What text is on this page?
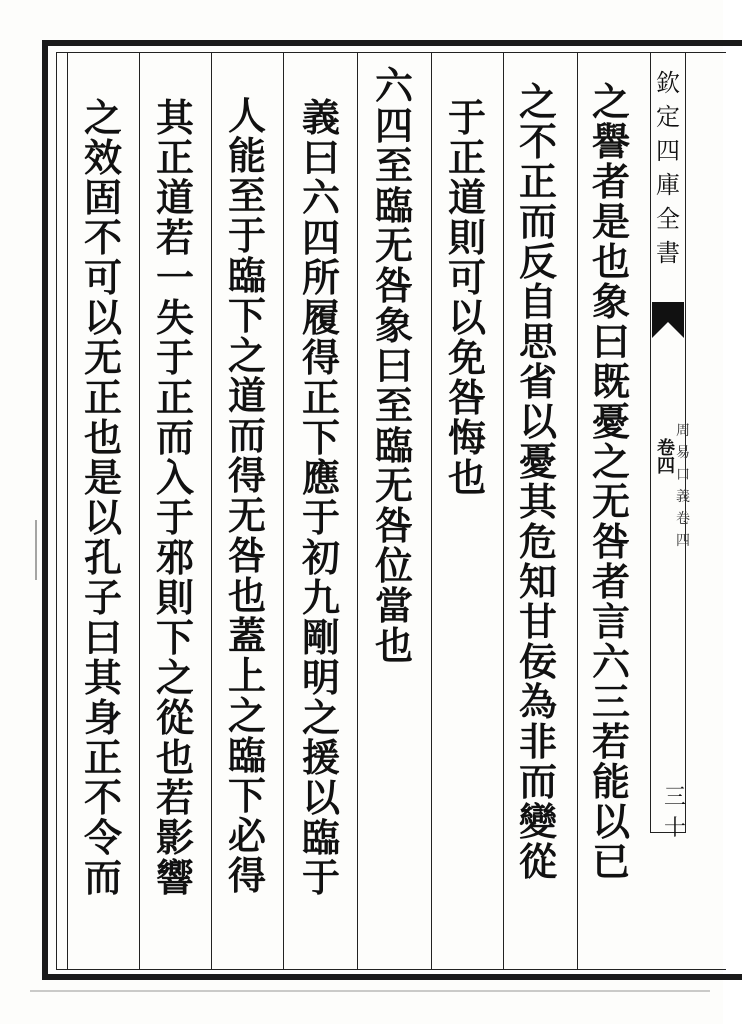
欽
定
四
庫
全
書
卷四
周
易
口
義
卷
四
三十
之
譽
者
是
也
象
曰
既
憂
之
无
咎
者
言
六
三
若
能
以
已
之
不
正
而
反
自
思
省
以
憂
其
危
知
甘
佞
為
非
而
變
從
于
正
道
則
可
以
免
咎
悔
也
六
四
至
臨
无
咎
象
曰
至
臨
无
咎
位
當
也
義
曰
六
四
所
履
得
正
下
應
于
初
九
剛
明
之
援
以
臨
于
人
能
至
于
臨
下
之
道
而
得
无
咎
也
蓋
上
之
臨
下
必
得
其
正
道
若
一
失
于
正
而
入
于
邪
則
下
之
從
也
若
影
響
之
效
固
不
可
以
无
正
也
是
以
孔
子
曰
其
身
正
不
令
而
